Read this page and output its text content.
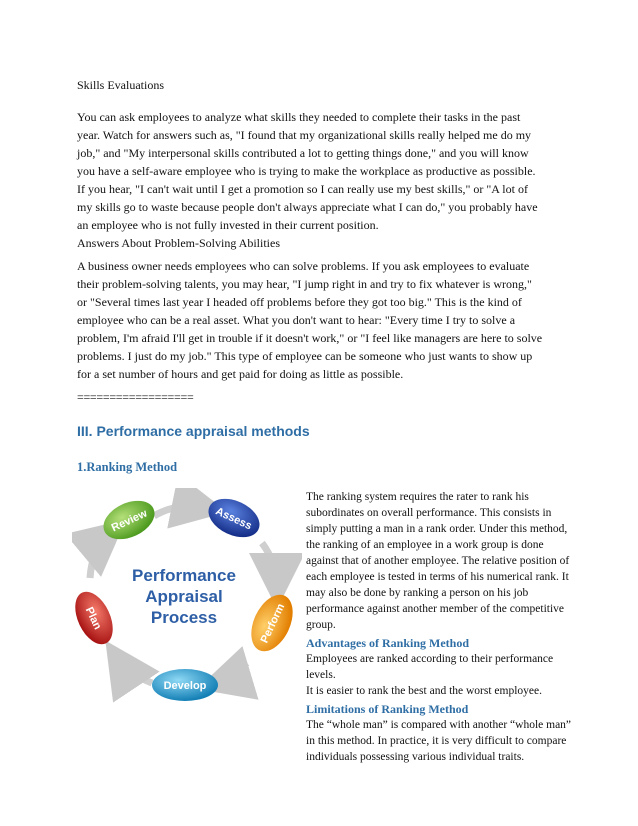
Skills Evaluations
You can ask employees to analyze what skills they needed to complete their tasks in the past
year. Watch for answers such as, "I found that my organizational skills really helped me do my
job," and "My interpersonal skills contributed a lot to getting things done," and you will know
you have a self-aware employee who is trying to make the workplace as productive as possible.
If you hear, "I can't wait until I get a promotion so I can really use my best skills," or "A lot of
my skills go to waste because people don't always appreciate what I can do," you probably have
an employee who is not fully invested in their current position.
Answers About Problem-Solving Abilities
A business owner needs employees who can solve problems. If you ask employees to evaluate
their problem-solving talents, you may hear, "I jump right in and try to fix whatever is wrong,"
or "Several times last year I headed off problems before they got too big." This is the kind of
employee who can be a real asset. What you don't want to hear: "Every time I try to solve a
problem, I'm afraid I'll get in trouble if it doesn't work," or "I feel like managers are here to solve
problems. I just do my job." This type of employee can be someone who just wants to show up
for a set number of hours and get paid for doing as little as possible.
==================
III. Performance appraisal methods
1.Ranking Method
Review	Assess
Perform
Develop
Plan
Performance
Appraisal
Process
The ranking system requires the rater to rank his
subordinates on overall performance. This consists in
simply putting a man in a rank order. Under this method,
the ranking of an employee in a work group is done
against that of another employee. The relative position of
each employee is tested in terms of his numerical rank. It
may also be done by ranking a person on his job
performance against another member of the competitive
group.
Advantages of Ranking Method
Employees are ranked according to their performance
levels.
It is easier to rank the best and the worst employee.
Limitations of Ranking Method
The “whole man” is compared with another “whole man”
in this method. In practice, it is very difficult to compare
individuals possessing various individual traits.
